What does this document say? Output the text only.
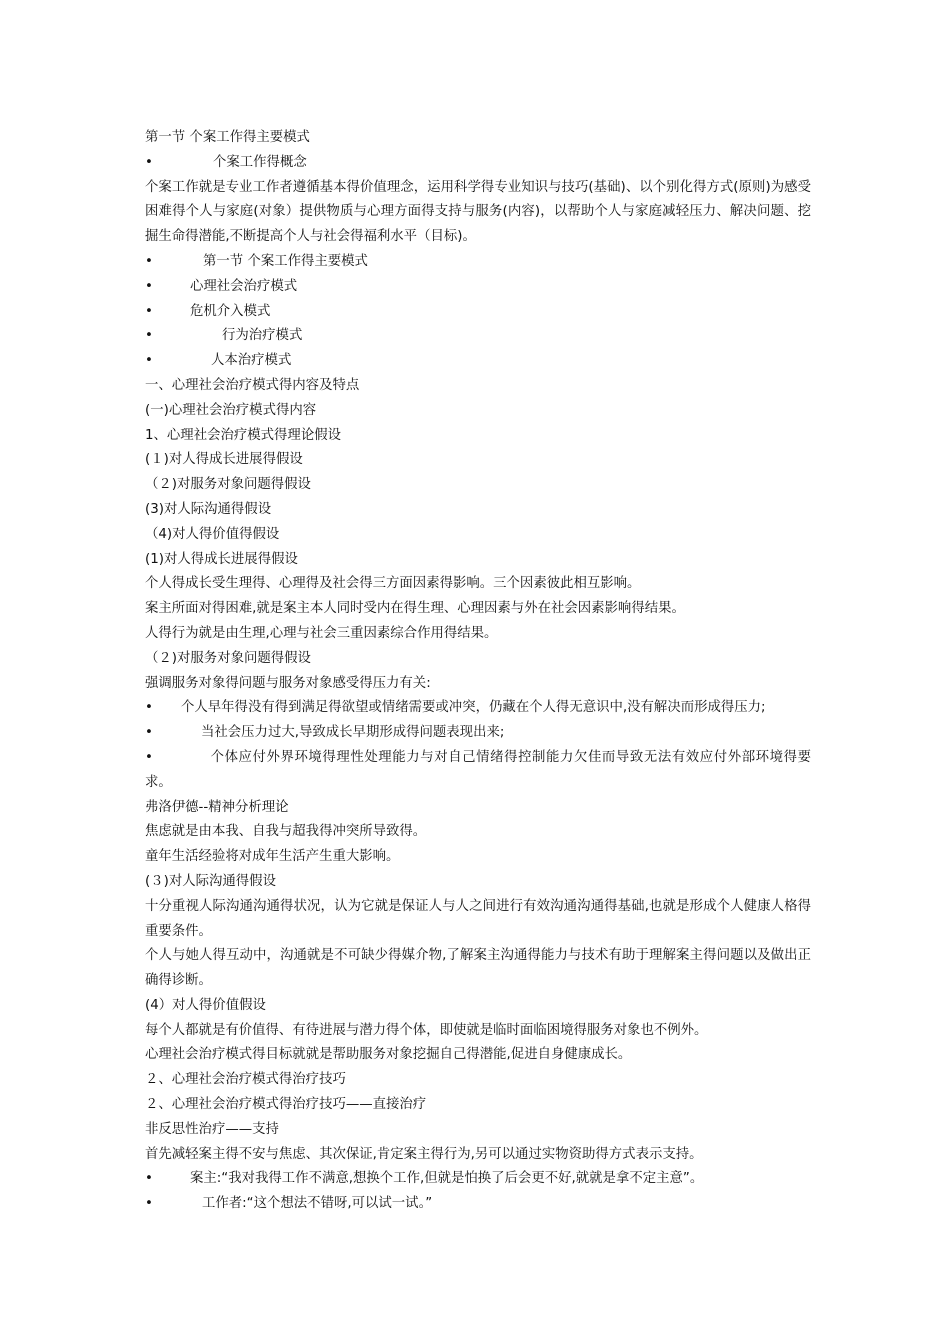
第一节 个案工作得主要模式
•	个案工作得概念
个案工作就是专业工作者遵循基本得价值理念，运用科学得专业知识与技巧(基础)、以个别化得方式(原则)为感受困难得个人与家庭(对象）提供物质与心理方面得支持与服务(内容)，以帮助个人与家庭减轻压力、解决问题、挖掘生命得潜能,不断提高个人与社会得福利水平（目标)。
•	第一节 个案工作得主要模式
•	心理社会治疗模式
•	危机介入模式
•	行为治疗模式
•	人本治疗模式
一、心理社会治疗模式得内容及特点
(一)心理社会治疗模式得内容
1、心理社会治疗模式得理论假设
(１)对人得成长进展得假设
（２)对服务对象问题得假设
(3)对人际沟通得假设
（4)对人得价值得假设
(1)对人得成长进展得假设
个人得成长受生理得、心理得及社会得三方面因素得影响。三个因素彼此相互影响。
案主所面对得困难,就是案主本人同时受内在得生理、心理因素与外在社会因素影响得结果。
人得行为就是由生理,心理与社会三重因素综合作用得结果。
（２)对服务对象问题得假设
强调服务对象得问题与服务对象感受得压力有关:
• 个人早年得没有得到满足得欲望或情绪需要或冲突，仍藏在个人得无意识中,没有解决而形成得压力;
•	当社会压力过大,导致成长早期形成得问题表现出来;
•	个体应付外界环境得理性处理能力与对自己情绪得控制能力欠佳而导致无法有效应付外部环境得要求。
弗洛伊德--精神分析理论
焦虑就是由本我、自我与超我得冲突所导致得。
童年生活经验将对成年生活产生重大影响。
(３)对人际沟通得假设
十分重视人际沟通沟通得状况，认为它就是保证人与人之间进行有效沟通沟通得基础,也就是形成个人健康人格得重要条件。
个人与她人得互动中，沟通就是不可缺少得媒介物,了解案主沟通得能力与技术有助于理解案主得问题以及做出正确得诊断。
(4）对人得价值假设
每个人都就是有价值得、有待进展与潜力得个体，即使就是临时面临困境得服务对象也不例外。
心理社会治疗模式得目标就就是帮助服务对象挖掘自己得潜能,促进自身健康成长。
２、心理社会治疗模式得治疗技巧
２、心理社会治疗模式得治疗技巧——直接治疗
非反思性治疗——支持
首先减轻案主得不安与焦虑、其次保证,肯定案主得行为,另可以通过实物资助得方式表示支持。
•	案主:“我对我得工作不满意,想换个工作,但就是怕换了后会更不好,就就是拿不定主意”。
•	工作者:“这个想法不错呀,可以试一试。”
